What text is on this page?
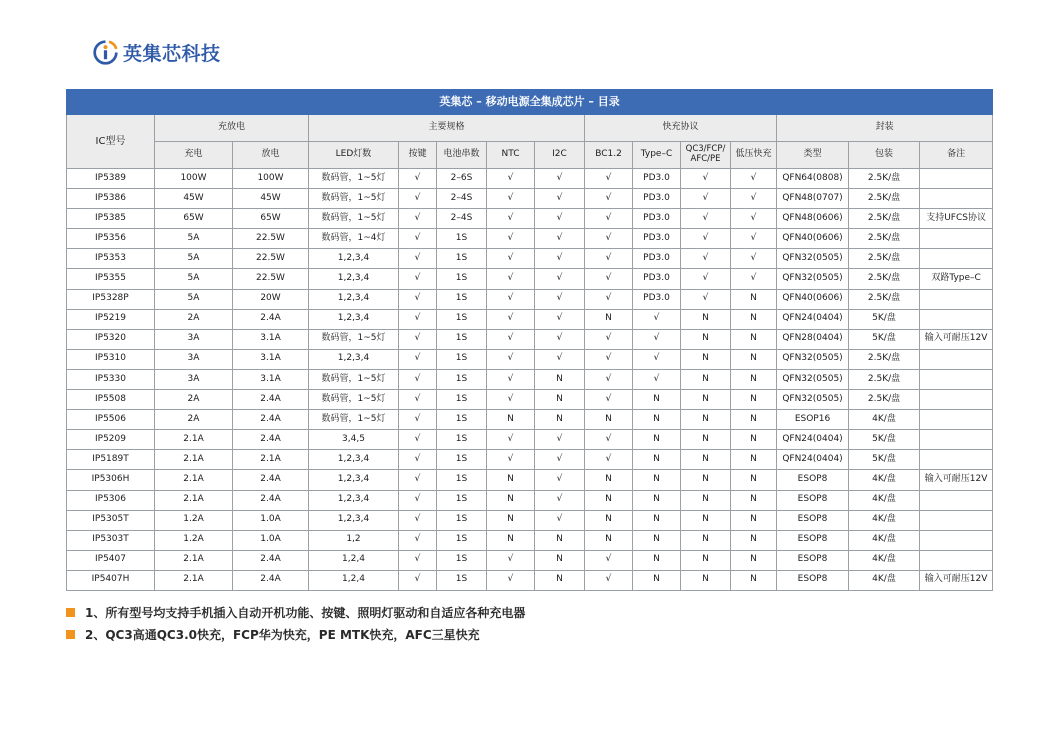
英集芯科技
英集芯 – 移动电源全集成芯片 – 目录														
IC型号	充放电		主要规格					快充协议				封装		
	充电	放电	LED灯数	按键	电池串数	NTC	I2C	BC1.2	Type–C	QC3/FCP/ AFC/PE	低压快充	类型	包装	备注
IP5389	100W	100W	数码管，1~5灯	√	2–6S	√	√	√	PD3.0	√	√	QFN64(0808)	2.5K/盘	
IP5386	45W	45W	数码管，1~5灯	√	2–4S	√	√	√	PD3.0	√	√	QFN48(0707)	2.5K/盘	
IP5385	65W	65W	数码管，1~5灯	√	2–4S	√	√	√	PD3.0	√	√	QFN48(0606)	2.5K/盘	支持UFCS协议
IP5356	5A	22.5W	数码管，1~4灯	√	1S	√	√	√	PD3.0	√	√	QFN40(0606)	2.5K/盘	
IP5353	5A	22.5W	1,2,3,4	√	1S	√	√	√	PD3.0	√	√	QFN32(0505)	2.5K/盘	
IP5355	5A	22.5W	1,2,3,4	√	1S	√	√	√	PD3.0	√	√	QFN32(0505)	2.5K/盘	双路Type–C
IP5328P	5A	20W	1,2,3,4	√	1S	√	√	√	PD3.0	√	N	QFN40(0606)	2.5K/盘	
IP5219	2A	2.4A	1,2,3,4	√	1S	√	√	N	√	N	N	QFN24(0404)	5K/盘	
IP5320	3A	3.1A	数码管，1~5灯	√	1S	√	√	√	√	N	N	QFN28(0404)	5K/盘	输入可耐压12V
IP5310	3A	3.1A	1,2,3,4	√	1S	√	√	√	√	N	N	QFN32(0505)	2.5K/盘	
IP5330	3A	3.1A	数码管，1~5灯	√	1S	√	N	√	√	N	N	QFN32(0505)	2.5K/盘	
IP5508	2A	2.4A	数码管，1~5灯	√	1S	√	N	√	N	N	N	QFN32(0505)	2.5K/盘	
IP5506	2A	2.4A	数码管，1~5灯	√	1S	N	N	N	N	N	N	ESOP16	4K/盘	
IP5209	2.1A	2.4A	3,4,5	√	1S	√	√	√	N	N	N	QFN24(0404)	5K/盘	
IP5189T	2.1A	2.1A	1,2,3,4	√	1S	√	√	√	N	N	N	QFN24(0404)	5K/盘	
IP5306H	2.1A	2.4A	1,2,3,4	√	1S	N	√	N	N	N	N	ESOP8	4K/盘	输入可耐压12V
IP5306	2.1A	2.4A	1,2,3,4	√	1S	N	√	N	N	N	N	ESOP8	4K/盘	
IP5305T	1.2A	1.0A	1,2,3,4	√	1S	N	√	N	N	N	N	ESOP8	4K/盘	
IP5303T	1.2A	1.0A	1,2	√	1S	N	N	N	N	N	N	ESOP8	4K/盘	
IP5407	2.1A	2.4A	1,2,4	√	1S	√	N	√	N	N	N	ESOP8	4K/盘	
IP5407H	2.1A	2.4A	1,2,4	√	1S	√	N	√	N	N	N	ESOP8	4K/盘	输入可耐压12V
1、所有型号均支持手机插入自动开机功能、按键、照明灯驱动和自适应各种充电器
2、QC3高通QC3.0快充，FCP华为快充，PE MTK快充，AFC三星快充
